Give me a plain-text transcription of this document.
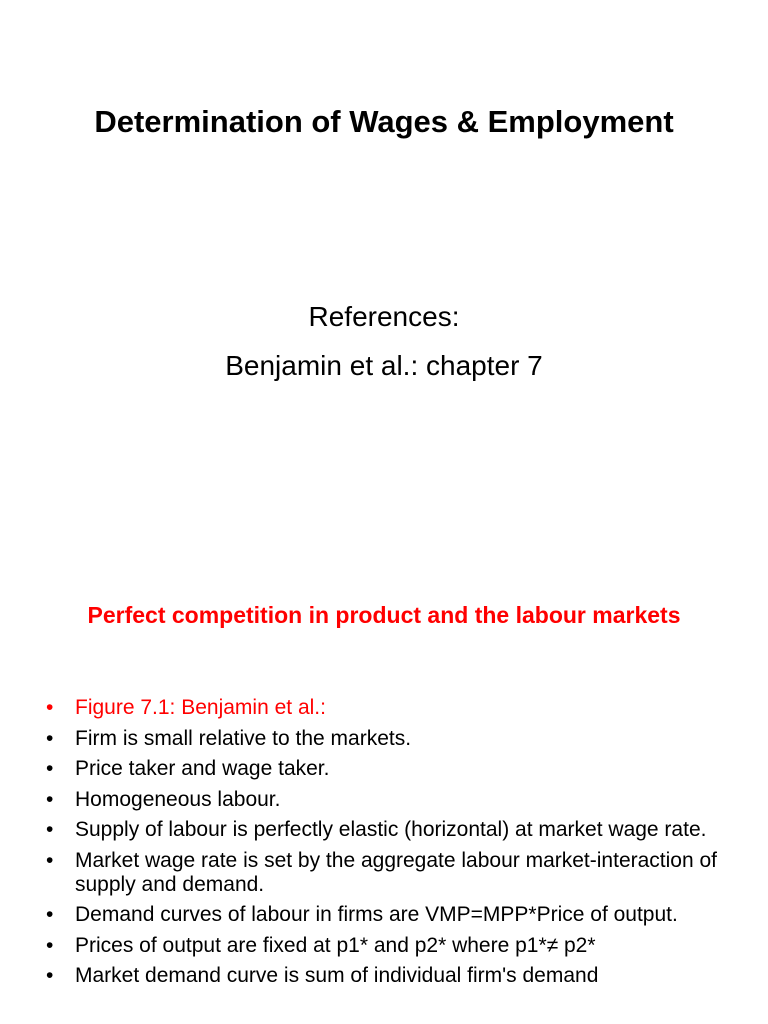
Determination of Wages & Employment
References:
Benjamin et al.: chapter 7
Perfect competition in product and the labour markets
• Figure 7.1: Benjamin et al.:
• Firm is small relative to the markets.
• Price taker and wage taker.
• Homogeneous labour.
• Supply of labour is perfectly elastic (horizontal) at market wage rate.
• Market wage rate is set by the aggregate labour market-interaction of supply and demand.
• Demand curves of labour in firms are VMP=MPP*Price of output.
• Prices of output are fixed at p1* and p2* where p1*≠ p2*
• Market demand curve is sum of individual firm's demand
